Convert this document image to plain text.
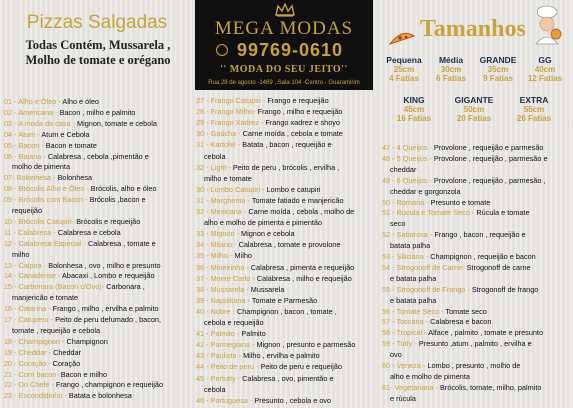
Pizzas Salgadas
Todas Contém, Mussarela ,
Molho de tomate e orégano
01 - Alho e Óleo - Alho e óleo
02 - Americana - Bacon , milho e palmito
03 - A moda da casa - Mignon, tomate e cebola
04 - Atum - Atum e Cebola
05 - Bacon - Bacon e tomate
06 - Baiana - Calabresa , cebola ,pimentão e
molho de pimenta
07- Bolonhesa - Bolonhesa
08 - Brócolis Alho e Óleo - Brócolis, alho e óleo
09 - Brócolis com Bacon - Brócolis ,bacon e
requeijão
10 - Brócolis Catupiri- Brócolis e requeijão
11 - Calabresa - Calabresa e cebola
12 - Calabresa Especial - Calabresa , tomate e
milho
13 - Caipira - Bolonhesa , ovo , milho e presunto
14 - Canadense - Abacaxi , Lombo e requeijão
15 - Carbonara (Bacon c/Ovo)- Carbonara ,
manjericão e tomate
16 - Catarina - Frango , milho , ervilha e palmito
17 - Catuperu - Peito de peru defumado , bacon,
tomate , requeijão e cebola
18 - Champignon - Champignon
19 - Cheddar - Cheddar
20 - Coração - Coração
21 - Corn bacon- Bacon e milho
22 - Do Chefe - Frango , champignon e requeijão
23 - Escondidinho - Batata e bolonhesa
MEGA MODAS
99769-0610
'' MODA DO SEU JEITO''
Rua 28 de agosto -1469 , Sala 104 -Centro - Guaramirim
27 - Frango Catupiri - Frango e requeijão
28 - Frango Milho- Frango , milho e requeijão
29 - Frango Xadrez - Frango xadrez e shoyo
30 - Gaúcha - Carne moída , cebola e tomate
31 - Kartofel - Batata , bacon , requeijão e
cebola
32 - Light - Peito de peru , brócolis , ervilha ,
milho e tomate
30 - Lombo Catupiri - Lombo e catupiri
31 - Margherita - Tomate fatiado e manjericão
32 - Mexicana - Carne moída , cebola , molho de
alho e molho de pimenta e pimentão
33 - Mignon - Mignon e cebola
34 - Milano - Calabresa , tomate e provolone
35 - Milho - Milho
36 - Mineirinho - Calabresa , pimenta e requeijão
37 - Monte Carlo - Calabresa , milho e requeijão
38 - Mussarela - Mussarela
39 - Napolitana - Tomate e Parmesão
40 - Nobre - Champignon , bacon , tomate ,
cebola e requeijão
41 - Palmito - Palmito
42 - Parmegiana - Mignon , presunto e parmesão
43 - Paulista - Milho , ervilha e palmito
44 - Peito de peru - Peito de peru e requeijão
45 - Pertutty - Calabresa , ovo, pimentão e
cebola
46 - Portuguesa - Presunto , cebola e ovo
Tamanhos
Pequena
25cm
4 Fatias
Média
30cm
6 Fatias
GRANDE
35cm
9 Fatias
GG
40cm
12 Fatias
KING
45cm
16 Fatias
GIGANTE
50cm
20 Fatias
EXTRA
55cm
26 Fatias
47 - 4 Queijos - Provolone , requeijão e parmesão
48 - 5 Queijos - Provolone , requeijão , parmesão e
cheddar
49 - 6 Queijos - Provolone , requeijão , parmesão ,
cheddar e gorgonzola
50 - Romana - Presunto e tomate
51 - Rúcula e Tomate Seco - Rúcula e tomate
seco
52 - Saborosa - Frango , bacon , requeijão e
batata palha
53 - Siliciana - Champignon , requeijão e bacon
54 - Strogonoff de Carne- Strogonoff de carne
e batata palha
55 - Strogonoff de Frango - Strogonoff de frango
e batata palha
56 - Tomate Seco - Tomate seco
57 - Toscana - Calabresa e bacon
58 - Tropical - Alface , palmito , tomate e presunto
59 - Tutty - Presunto ,atum , palmito , ervilha e
ovo
60 - Veneza - Lombo , presunto , molho de
alho e molho de pimenta
61- Vegetariana - Brócolis, tomate, milho, palmito
e rúcula
